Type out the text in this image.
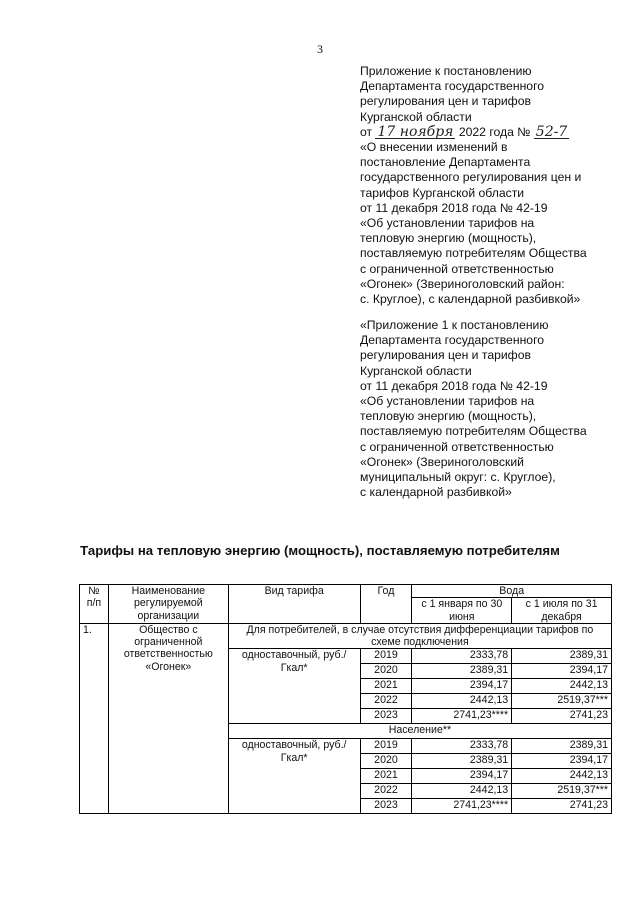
3
Приложение к постановлению
Департамента государственного
регулирования цен и тарифов
Курганской области
от 17 ноября 2022 года № 52-7
«О внесении изменений в
постановление Департамента
государственного регулирования цен и
тарифов Курганской области
от 11 декабря 2018 года № 42-19
«Об установлении тарифов на
тепловую энергию (мощность),
поставляемую потребителям Общества
с ограниченной ответственностью
«Огонек» (Звериноголовский район:
с. Круглое), с календарной разбивкой»
«Приложение 1 к постановлению
Департамента государственного
регулирования цен и тарифов
Курганской области
от 11 декабря 2018 года № 42-19
«Об установлении тарифов на
тепловую энергию (мощность),
поставляемую потребителям Общества
с ограниченной ответственностью
«Огонек» (Звериноголовский
муниципальный округ: с. Круглое),
с календарной разбивкой»
Тарифы на тепловую энергию (мощность), поставляемую потребителям
№ п/п	Наименование регулируемой организации	Вид тарифа	Год	Вода	
				с 1 января по 30 июня	с 1 июля по 31 декабря
1.	Общество с ограниченной ответственностью «Огонек»	Для потребителей, в случае отсутствия дифференциации тарифов по схеме подключения			
		одноставочный, руб./Гкал*	2019	2333,78	2389,31
			2020	2389,31	2394,17
			2021	2394,17	2442,13
			2022	2442,13	2519,37***
			2023	2741,23****	2741,23
		Население**			
		одноставочный, руб./Гкал*	2019	2333,78	2389,31
			2020	2389,31	2394,17
			2021	2394,17	2442,13
			2022	2442,13	2519,37***
			2023	2741,23****	2741,23
